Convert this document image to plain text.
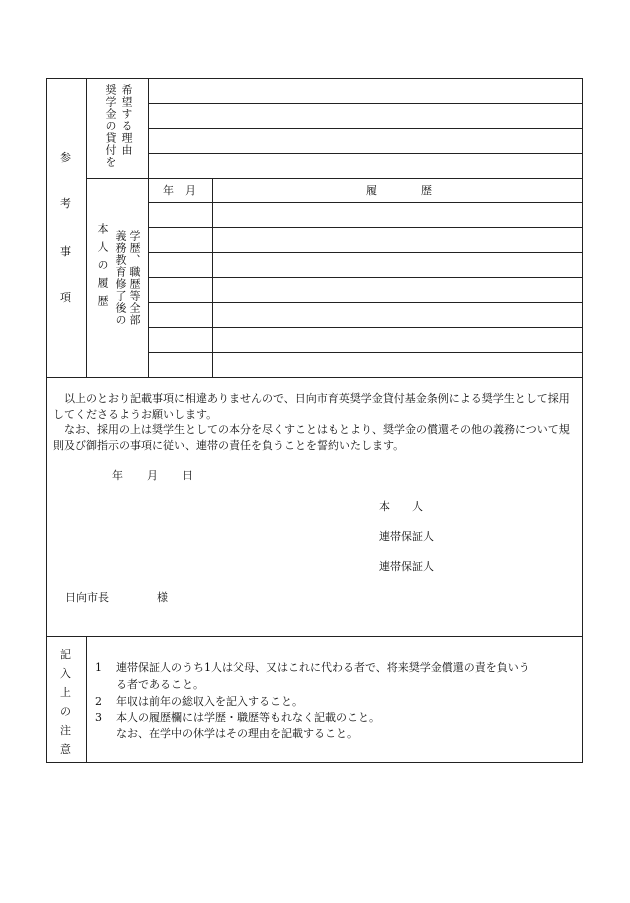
参
考
事
項
希望する理由
奨学金の貸付を
学歴、職歴等全部
義務教育修了後の
本人の履歴
年　月	履　　　　歴
以上のとおり記載事項に相違ありませんので、日向市育英奨学金貸付基金条例による奨学生として採用してくださるようお願いします。
なお、採用の上は奨学生としての本分を尽くすことはもとより、奨学金の償還その他の義務について規則及び御指示の事項に従い、連帯の責任を負うことを誓約いたします。
年 月 日
本　　人
連帯保証人
連帯保証人
日向市長	様
記
入
上
の
注
意
1 連帯保証人のうち1人は父母、又はこれに代わる者で、将来奨学金償還の責を負いう
る者であること。
2 年収は前年の総収入を記入すること。
3 本人の履歴欄には学歴・職歴等もれなく記載のこと。
なお、在学中の休学はその理由を記載すること。
